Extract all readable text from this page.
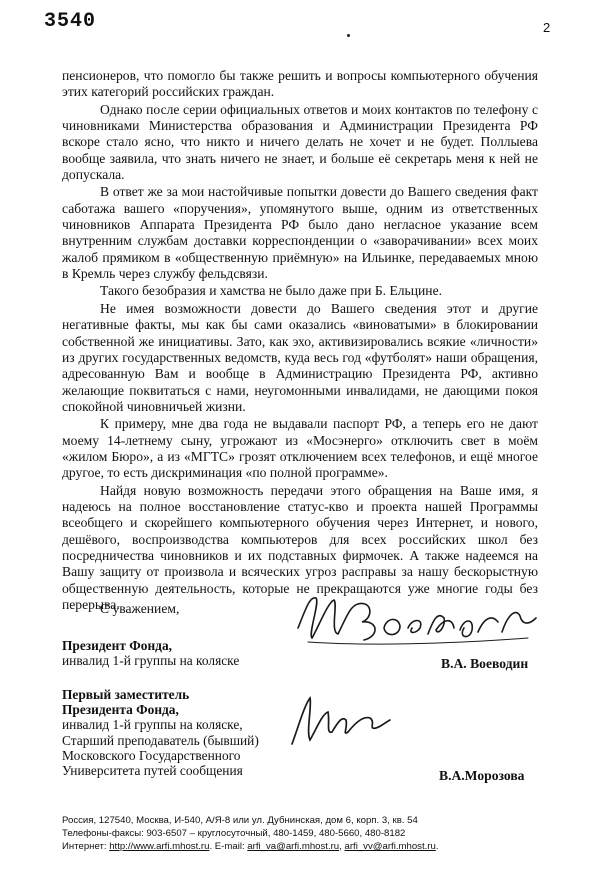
3540	2

пенсионеров, что помогло бы также решить и вопросы компьютерного обучения этих категорий российских граждан.

Однако после серии официальных ответов и моих контактов по телефону с чиновниками Министерства образования и Администрации Президента РФ вскоре стало ясно, что никто и ничего делать не хочет и не будет. Поллыева вообще заявила, что знать ничего не знает, и больше её секретарь меня к ней не допускала.

В ответ же за мои настойчивые попытки довести до Вашего сведения факт саботажа вашего «поручения», упомянутого выше, одним из ответственных чиновников Аппарата Президента РФ было дано негласное указание всем внутренним службам доставки корреспонденции о «заворачивании» всех моих жалоб прямиком в «общественную приёмную» на Ильинке, передаваемых мною в Кремль через службу фельдсвязи.

Такого безобразия и хамства не было даже при Б. Ельцине.

Не имея возможности довести до Вашего сведения этот и другие негативные факты, мы как бы сами оказались «виноватыми» в блокировании собственной же инициативы. Зато, как эхо, активизировались всякие «личности» из других государственных ведомств, куда весь год «футболят» наши обращения, адресованную Вам и вообще в Администрацию Президента РФ, активно желающие поквитаться с нами, неугомонными инвалидами, не дающими покоя спокойной чиновничьей жизни.

К примеру, мне два года не выдавали паспорт РФ, а теперь его не дают моему 14-летнему сыну, угрожают из «Мосэнерго» отключить свет в моём «жилом Бюро», а из «МГТС» грозят отключением всех телефонов, и ещё многое другое, то есть дискриминация «по полной программе».

Найдя новую возможность передачи этого обращения на Ваше имя, я надеюсь на полное восстановление статус-кво и проекта нашей Программы всеобщего и скорейшего компьютерного обучения через Интернет, и нового, дешёвого, воспроизводства компьютеров для всех российских школ без посредничества чиновников и их подставных фирмочек. А также надеемся на Вашу защиту от произвола и всяческих угроз расправы за нашу бескорыстную общественную деятельность, которые не прекращаются уже многие годы без перерыва.

С уважением,
Президент Фонда,
инвалид 1-й группы на коляске	В.А. Воеводин
Первый заместитель
Президента Фонда,
инвалид 1-й группы на коляске,
Старший преподаватель (бывший)
Московского Государственного
Университета путей сообщения	В.А.Морозова
Россия, 127540, Москва, И-540, А/Я-8 или ул. Дубнинская, дом 6, корп. 3, кв. 54
Телефоны-факсы: 903-6507 – круглосуточный, 480-1459, 480-5660, 480-8182
Интернет: http://www.arfi.mhost.ru. E-mail: arfi_va@arfi.mhost.ru, arfi_vv@arfi.mhost.ru.
